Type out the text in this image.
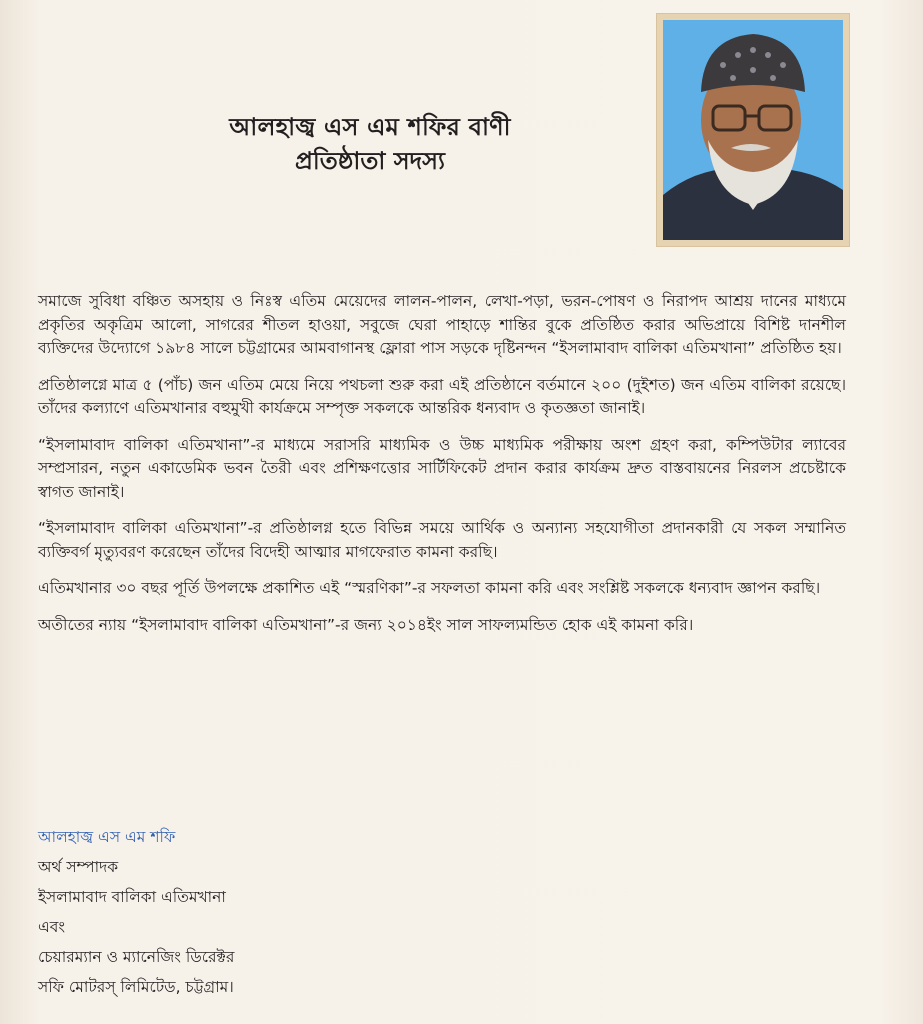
আলহাজ্ব এস এম শফির বাণী
প্রতিষ্ঠাতা সদস্য

সমাজে সুবিধা বঞ্চিত অসহায় ও নিঃস্ব এতিম মেয়েদের লালন-পালন, লেখা-পড়া, ভরন-পোষণ ও নিরাপদ আশ্রয় দানের মাধ্যমে প্রকৃতির অকৃত্রিম আলো, সাগরের শীতল হাওয়া, সবুজে ঘেরা পাহাড়ে শান্তির বুকে প্রতিষ্ঠিত করার অভিপ্রায়ে বিশিষ্ট দানশীল ব্যক্তিদের উদ্যোগে ১৯৮৪ সালে চট্টগ্রামের আমবাগানস্থ ফ্লোরা পাস সড়কে দৃষ্টিনন্দন “ইসলামাবাদ বালিকা এতিমখানা” প্রতিষ্ঠিত হয়।

প্রতিষ্ঠালগ্নে মাত্র ৫ (পাঁচ) জন এতিম মেয়ে নিয়ে পথচলা শুরু করা এই প্রতিষ্ঠানে বর্তমানে ২০০ (দুইশত) জন এতিম বালিকা রয়েছে। তাঁদের কল্যাণে এতিমখানার বহুমুখী কার্যক্রমে সম্পৃক্ত সকলকে আন্তরিক ধন্যবাদ ও কৃতজ্ঞতা জানাই।

“ইসলামাবাদ বালিকা এতিমখানা”-র মাধ্যমে সরাসরি মাধ্যমিক ও উচ্চ মাধ্যমিক পরীক্ষায় অংশ গ্রহণ করা, কম্পিউটার ল্যাবের সম্প্রসারন, নতুন একাডেমিক ভবন তৈরী এবং প্রশিক্ষণত্তোর সার্টিফিকেট প্রদান করার কার্যক্রম দ্রুত বাস্তবায়নের নিরলস প্রচেষ্টাকে স্বাগত জানাই।

“ইসলামাবাদ বালিকা এতিমখানা”-র প্রতিষ্ঠালগ্ন হতে বিভিন্ন সময়ে আর্থিক ও অন্যান্য সহযোগীতা প্রদানকারী যে সকল সম্মানিত ব্যক্তিবর্গ মৃত্যুবরণ করেছেন তাঁদের বিদেহী আত্মার মাগফেরাত কামনা করছি।

এতিমখানার ৩০ বছর পূর্তি উপলক্ষে প্রকাশিত এই “স্মরণিকা”-র সফলতা কামনা করি এবং সংশ্লিষ্ট সকলকে ধন্যবাদ জ্ঞাপন করছি।

অতীতের ন্যায় “ইসলামাবাদ বালিকা এতিমখানা”-র জন্য ২০১৪ইং সাল সাফল্যমন্ডিত হোক এই কামনা করি।

আলহাজ্ব এস এম শফি
অর্থ সম্পাদক
ইসলামাবাদ বালিকা এতিমখানা
এবং
চেয়ারম্যান ও ম্যানেজিং ডিরেক্টর
সফি মোটরস্ লিমিটেড, চট্টগ্রাম।
